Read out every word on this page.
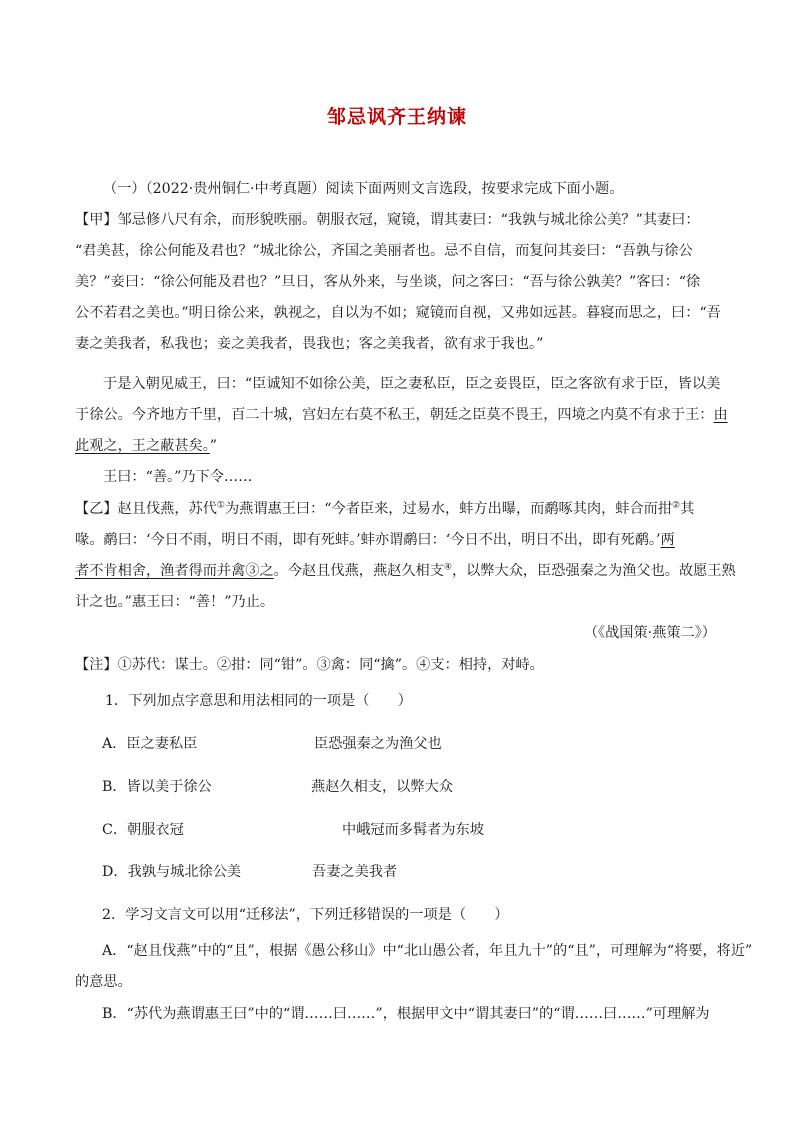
邹忌讽齐王纳谏
（一）（2022·贵州铜仁·中考真题）阅读下面两则文言选段，按要求完成下面小题。
【甲】邹忌修八尺有余，而形貌昳丽。朝服衣冠，窥镜，谓其妻曰：“我孰与城北徐公美？”其妻曰：
“君美甚，徐公何能及君也？”城北徐公，齐国之美丽者也。忌不自信，而复问其妾曰：“吾孰与徐公
美？”妾曰：“徐公何能及君也？”旦日，客从外来，与坐谈，问之客曰：“吾与徐公孰美？”客曰：“徐
公不若君之美也。”明日徐公来，孰视之，自以为不如；窥镜而自视，又弗如远甚。暮寝而思之，曰：“吾
妻之美我者，私我也；妾之美我者，畏我也；客之美我者，欲有求于我也。”
于是入朝见威王，曰：“臣诚知不如徐公美，臣之妻私臣，臣之妾畏臣，臣之客欲有求于臣，皆以美
于徐公。今齐地方千里，百二十城，宫妇左右莫不私王，朝廷之臣莫不畏王，四境之内莫不有求于王：由
此观之，王之蔽甚矣。”
王曰：“善。”乃下令……
【乙】赵且伐燕，苏代①为燕谓惠王曰：“今者臣来，过易水，蚌方出曝，而鹬啄其肉，蚌合而拑②其
喙。鹬曰：‘今日不雨，明日不雨，即有死蚌。’蚌亦谓鹬曰：‘今日不出，明日不出，即有死鹬。’两
者不肯相舍，渔者得而并禽③之。今赵且伐燕，燕赵久相支④，以弊大众，臣恐强秦之为渔父也。故愿王熟
计之也。”惠王曰：“善！”乃止。
（《战国策·燕策二》）
【注】①苏代：谋士。②拑：同“钳”。③禽：同“擒”。④支：相持，对峙。
1．下列加点字意思和用法相同的一项是（　　）
A．臣之妻私臣	臣恐强秦之为渔父也
B．皆以美于徐公	燕赵久相支，以弊大众
C．朝服衣冠	中峨冠而多髯者为东坡
D．我孰与城北徐公美	吾妻之美我者
2．学习文言文可以用“迁移法”，下列迁移错误的一项是（　　）
A．“赵且伐燕”中的“且”，根据《愚公移山》中“北山愚公者，年且九十”的“且”，可理解为“将要，将近”
的意思。
B．“苏代为燕谓惠王曰”中的“谓……曰……”，根据甲文中“谓其妻曰”的“谓……曰……”可理解为
